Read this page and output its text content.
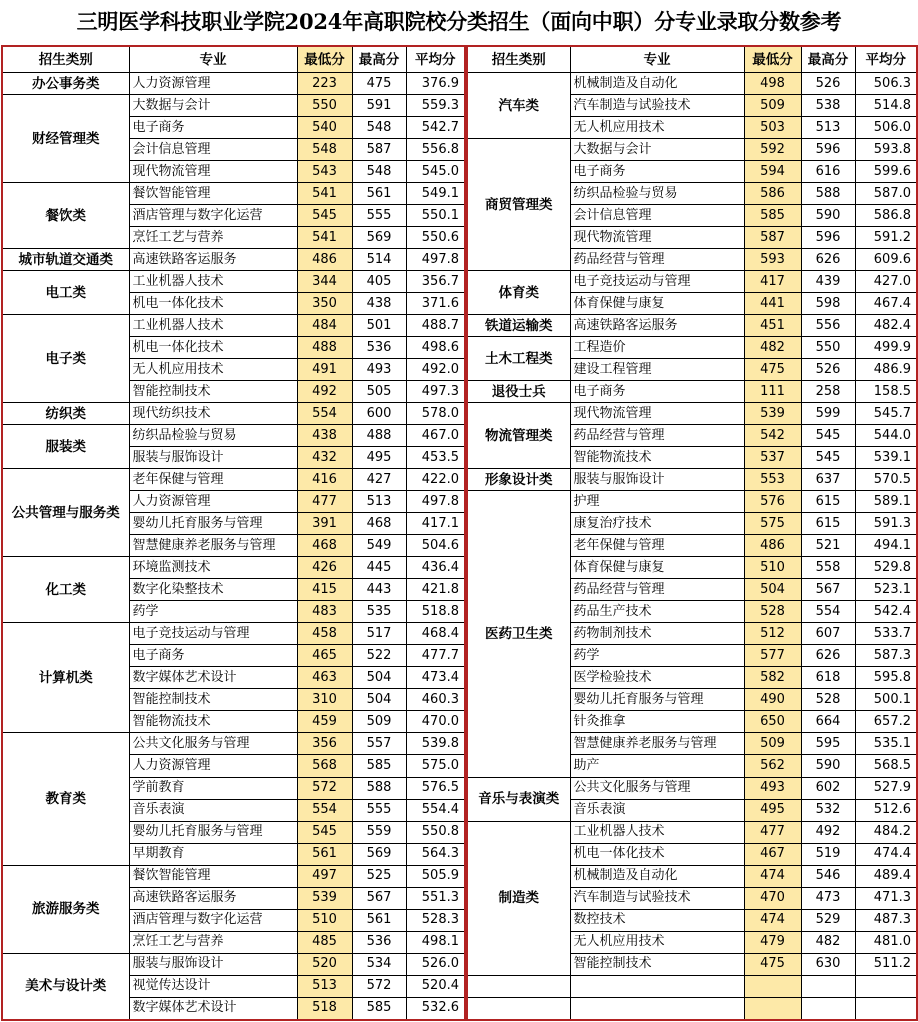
三明医学科技职业学院2024年高职院校分类招生（面向中职）分专业录取分数参考
招生类别	专业	最低分	最高分	平均分
办公事务类	人力资源管理	223	475	376.9
财经管理类	大数据与会计	550	591	559.3
	电子商务	540	548	542.7
	会计信息管理	548	587	556.8
	现代物流管理	543	548	545.0
餐饮类	餐饮智能管理	541	561	549.1
	酒店管理与数字化运营	545	555	550.1
	烹饪工艺与营养	541	569	550.6
城市轨道交通类	高速铁路客运服务	486	514	497.8
电工类	工业机器人技术	344	405	356.7
	机电一体化技术	350	438	371.6
电子类	工业机器人技术	484	501	488.7
	机电一体化技术	488	536	498.6
	无人机应用技术	491	493	492.0
	智能控制技术	492	505	497.3
纺织类	现代纺织技术	554	600	578.0
服装类	纺织品检验与贸易	438	488	467.0
	服装与服饰设计	432	495	453.5
公共管理与服务类	老年保健与管理	416	427	422.0
	人力资源管理	477	513	497.8
	婴幼儿托育服务与管理	391	468	417.1
	智慧健康养老服务与管理	468	549	504.6
化工类	环境监测技术	426	445	436.4
	数字化染整技术	415	443	421.8
	药学	483	535	518.8
计算机类	电子竞技运动与管理	458	517	468.4
	电子商务	465	522	477.7
	数字媒体艺术设计	463	504	473.4
	智能控制技术	310	504	460.3
	智能物流技术	459	509	470.0
教育类	公共文化服务与管理	356	557	539.8
	人力资源管理	568	585	575.0
	学前教育	572	588	576.5
	音乐表演	554	555	554.4
	婴幼儿托育服务与管理	545	559	550.8
	早期教育	561	569	564.3
旅游服务类	餐饮智能管理	497	525	505.9
	高速铁路客运服务	539	567	551.3
	酒店管理与数字化运营	510	561	528.3
	烹饪工艺与营养	485	536	498.1
美术与设计类	服装与服饰设计	520	534	526.0
	视觉传达设计	513	572	520.4
	数字媒体艺术设计	518	585	532.6
招生类别	专业	最低分	最高分	平均分
汽车类	机械制造及自动化	498	526	506.3
	汽车制造与试验技术	509	538	514.8
	无人机应用技术	503	513	506.0
商贸管理类	大数据与会计	592	596	593.8
	电子商务	594	616	599.6
	纺织品检验与贸易	586	588	587.0
	会计信息管理	585	590	586.8
	现代物流管理	587	596	591.2
	药品经营与管理	593	626	609.6
体育类	电子竞技运动与管理	417	439	427.0
	体育保健与康复	441	598	467.4
铁道运输类	高速铁路客运服务	451	556	482.4
土木工程类	工程造价	482	550	499.9
	建设工程管理	475	526	486.9
退役士兵	电子商务	111	258	158.5
物流管理类	现代物流管理	539	599	545.7
	药品经营与管理	542	545	544.0
	智能物流技术	537	545	539.1
形象设计类	服装与服饰设计	553	637	570.5
医药卫生类	护理	576	615	589.1
	康复治疗技术	575	615	591.3
	老年保健与管理	486	521	494.1
	体育保健与康复	510	558	529.8
	药品经营与管理	504	567	523.1
	药品生产技术	528	554	542.4
	药物制剂技术	512	607	533.7
	药学	577	626	587.3
	医学检验技术	582	618	595.8
	婴幼儿托育服务与管理	490	528	500.1
	针灸推拿	650	664	657.2
	智慧健康养老服务与管理	509	595	535.1
	助产	562	590	568.5
音乐与表演类	公共文化服务与管理	493	602	527.9
	音乐表演	495	532	512.6
制造类	工业机器人技术	477	492	484.2
	机电一体化技术	467	519	474.4
	机械制造及自动化	474	546	489.4
	汽车制造与试验技术	470	473	471.3
	数控技术	474	529	487.3
	无人机应用技术	479	482	481.0
	智能控制技术	475	630	511.2
